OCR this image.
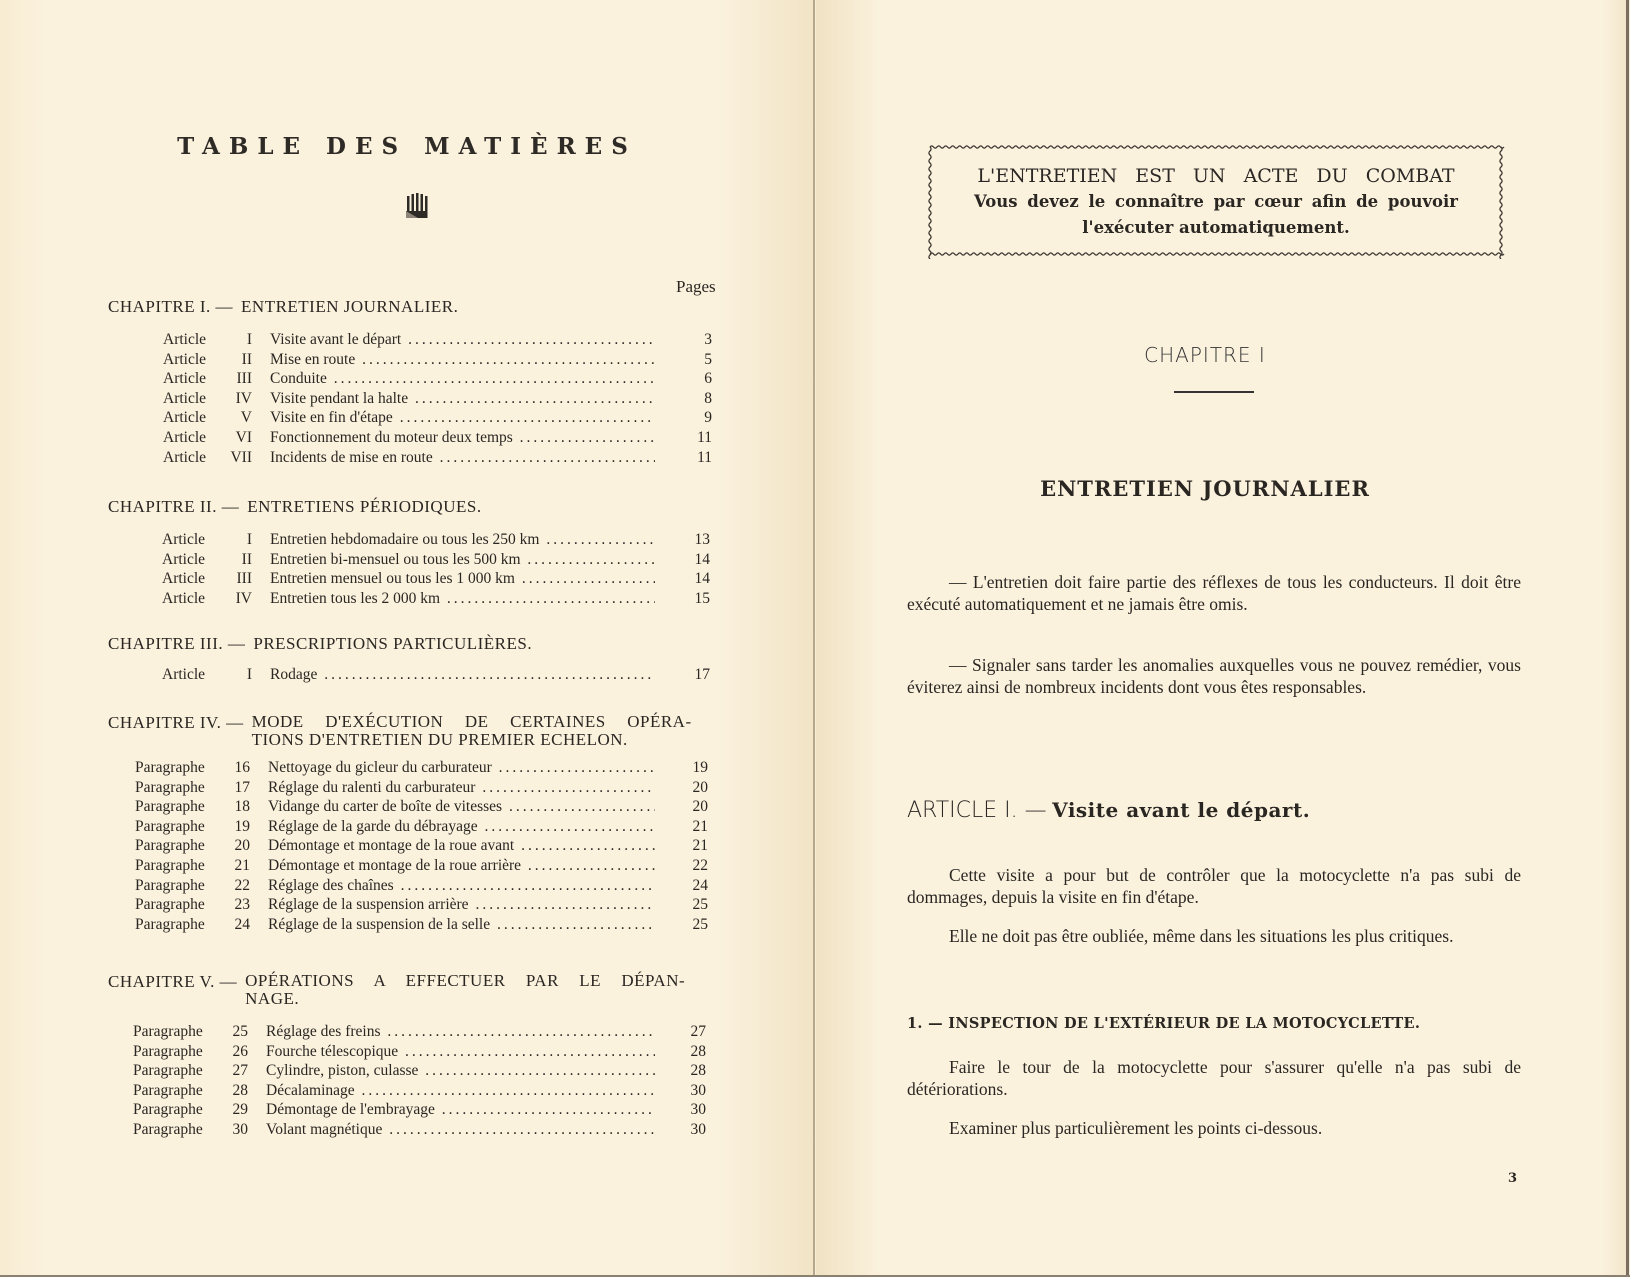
TABLE DES MATIÈRES
Pages
CHAPITRE I. — ENTRETIEN JOURNALIER.
Article	I Visite avant le départ .....	3
Article	II Mise en route .....	5
Article	III Conduite .....	6
Article	IV Visite pendant la halte .....	8
Article	V Visite en fin d'étape .....	9
Article	VI Fonctionnement du moteur deux temps .....	11
Article	VII Incidents de mise en route .....	11
CHAPITRE II. — ENTRETIENS PÉRIODIQUES.
Article	I Entretien hebdomadaire ou tous les 250 km .....	13
Article	II Entretien bi-mensuel ou tous les 500 km .....	14
Article	III Entretien mensuel ou tous les 1 000 km .....	14
Article	IV Entretien tous les 2 000 km .....	15
CHAPITRE III. — PRESCRIPTIONS PARTICULIÈRES.
Article	I Rodage .....	17
CHAPITRE IV. — MODE D'EXÉCUTION DE CERTAINES OPÉRA-
TIONS D'ENTRETIEN DU PREMIER ECHELON.
Paragraphe	16 Nettoyage du gicleur du carburateur .....	19
Paragraphe	17 Réglage du ralenti du carburateur .....	20
Paragraphe	18 Vidange du carter de boîte de vitesses .....	20
Paragraphe	19 Réglage de la garde du débrayage .....	21
Paragraphe	20 Démontage et montage de la roue avant .....	21
Paragraphe	21 Démontage et montage de la roue arrière .....	22
Paragraphe	22 Réglage des chaînes .....	24
Paragraphe	23 Réglage de la suspension arrière .....	25
Paragraphe	24 Réglage de la suspension de la selle .....	25
CHAPITRE V. — OPÉRATIONS A EFFECTUER PAR LE DÉPAN-
NAGE.
Paragraphe	25 Réglage des freins .....	27
Paragraphe	26 Fourche télescopique .....	28
Paragraphe	27 Cylindre, piston, culasse .....	28
Paragraphe	28 Décalaminage .....	30
Paragraphe	29 Démontage de l'embrayage .....	30
Paragraphe	30 Volant magnétique .....	30
L'ENTRETIEN EST UN ACTE DU COMBAT
Vous devez le connaître par cœur afin de pouvoir
l'exécuter automatiquement.
CHAPITRE I
ENTRETIEN JOURNALIER
— L'entretien doit faire partie des réflexes de tous les conducteurs. Il doit être exécuté automatiquement et ne jamais être omis.
— Signaler sans tarder les anomalies auxquelles vous ne pouvez remédier, vous éviterez ainsi de nombreux incidents dont vous êtes responsables.
ARTICLE I. — Visite avant le départ.
Cette visite a pour but de contrôler que la motocyclette n'a pas subi de dommages, depuis la visite en fin d'étape.
Elle ne doit pas être oubliée, même dans les situations les plus critiques.
1. — INSPECTION DE L'EXTÉRIEUR DE LA MOTOCYCLETTE.
Faire le tour de la motocyclette pour s'assurer qu'elle n'a pas subi de détériorations.
Examiner plus particulièrement les points ci-dessous.
3
